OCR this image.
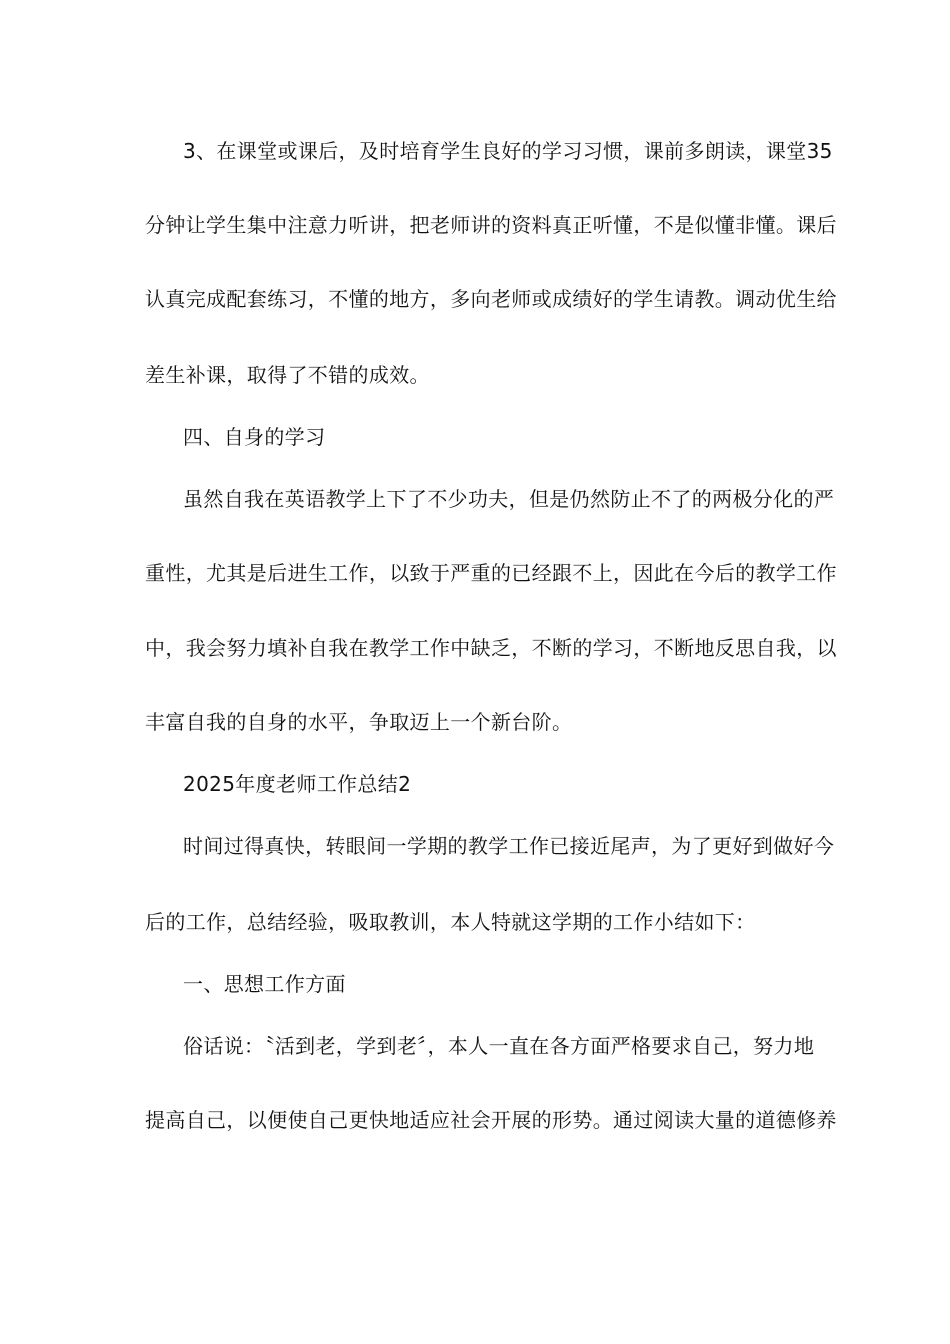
3、在课堂或课后，及时培育学生良好的学习习惯，课前多朗读，课堂35
分钟让学生集中注意力听讲，把老师讲的资料真正听懂，不是似懂非懂。课后
认真完成配套练习，不懂的地方，多向老师或成绩好的学生请教。调动优生给
差生补课，取得了不错的成效。
四、自身的学习
虽然自我在英语教学上下了不少功夫，但是仍然防止不了的两极分化的严
重性，尤其是后进生工作，以致于严重的已经跟不上，因此在今后的教学工作
中，我会努力填补自我在教学工作中缺乏，不断的学习，不断地反思自我，以
丰富自我的自身的水平，争取迈上一个新台阶。
2025年度老师工作总结2
时间过得真快，转眼间一学期的教学工作已接近尾声，为了更好到做好今
后的工作，总结经验，吸取教训，本人特就这学期的工作小结如下：
一、思想工作方面
俗话说：〝活到老，学到老〞，本人一直在各方面严格要求自己，努力地
提高自己，以便使自己更快地适应社会开展的形势。通过阅读大量的道德修养
